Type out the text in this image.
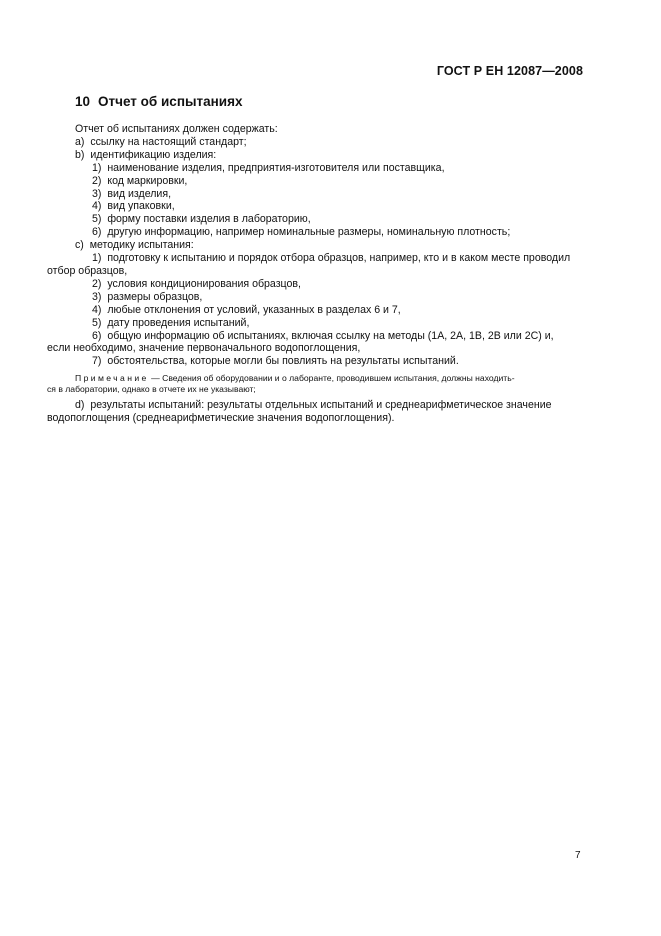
ГОСТ Р ЕН 12087—2008
10 Отчет об испытаниях
Отчет об испытаниях должен содержать:
a) ссылку на настоящий стандарт;
b) идентификацию изделия:
1) наименование изделия, предприятия-изготовителя или поставщика,
2) код маркировки,
3) вид изделия,
4) вид упаковки,
5) форму поставки изделия в лабораторию,
6) другую информацию, например номинальные размеры, номинальную плотность;
c) методику испытания:
1) подготовку к испытанию и порядок отбора образцов, например, кто и в каком месте проводил
отбор образцов,
2) условия кондиционирования образцов,
3) размеры образцов,
4) любые отклонения от условий, указанных в разделах 6 и 7,
5) дату проведения испытаний,
6) общую информацию об испытаниях, включая ссылку на методы (1А, 2А, 1В, 2В или 2С) и,
если необходимо, значение первоначального водопоглощения,
7) обстоятельства, которые могли бы повлиять на результаты испытаний.
Примечание — Сведения об оборудовании и о лаборанте, проводившем испытания, должны находить-
ся в лаборатории, однако в отчете их не указывают;
d) результаты испытаний: результаты отдельных испытаний и среднеарифметическое значение
водопоглощения (среднеарифметические значения водопоглощения).
7
